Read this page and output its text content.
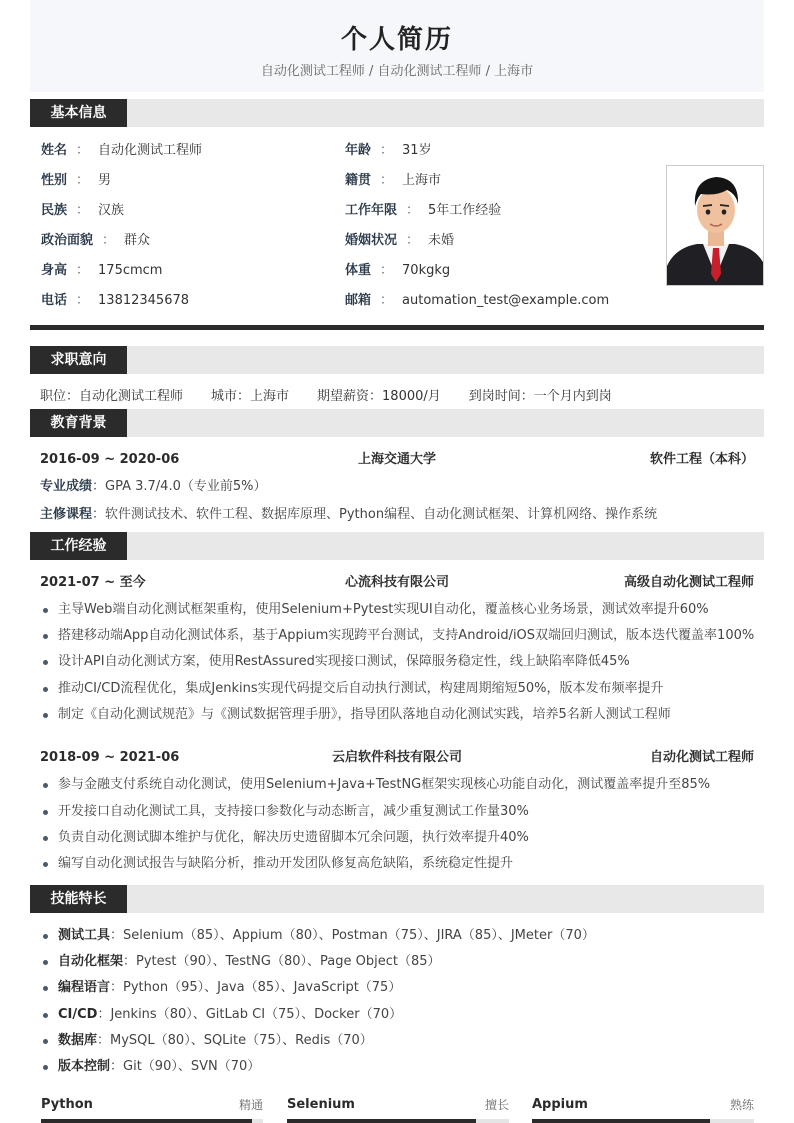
个人简历
自动化测试工程师 / 自动化测试工程师 / 上海市
基本信息
姓名 ： 自动化测试工程师
性别 ： 男
民族 ： 汉族
政治面貌 ： 群众
身高 ： 175cmcm
电话 ： 13812345678
年龄 ： 31岁
籍贯 ： 上海市
工作年限 ： 5年工作经验
婚姻状况 ： 未婚
体重 ： 70kgkg
邮箱 ： automation_test@example.com
求职意向
职位：自动化测试工程师 城市：上海市 期望薪资：18000/月 到岗时间：一个月内到岗
教育背景
2016-09 ~ 2020-06	上海交通大学	软件工程（本科）
专业成绩：GPA 3.7/4.0（专业前5%）
主修课程：软件测试技术、软件工程、数据库原理、Python编程、自动化测试框架、计算机网络、操作系统
工作经验
2021-07 ~ 至今	心流科技有限公司	高级自动化测试工程师
主导Web端自动化测试框架重构，使用Selenium+Pytest实现UI自动化，覆盖核心业务场景，测试效率提升60%
搭建移动端App自动化测试体系，基于Appium实现跨平台测试，支持Android/iOS双端回归测试，版本迭代覆盖率100%
设计API自动化测试方案，使用RestAssured实现接口测试，保障服务稳定性，线上缺陷率降低45%
推动CI/CD流程优化，集成Jenkins实现代码提交后自动执行测试，构建周期缩短50%，版本发布频率提升
制定《自动化测试规范》与《测试数据管理手册》，指导团队落地自动化测试实践，培养5名新人测试工程师
2018-09 ~ 2021-06	云启软件科技有限公司	自动化测试工程师
参与金融支付系统自动化测试，使用Selenium+Java+TestNG框架实现核心功能自动化，测试覆盖率提升至85%
开发接口自动化测试工具，支持接口参数化与动态断言，减少重复测试工作量30%
负责自动化测试脚本维护与优化，解决历史遗留脚本冗余问题，执行效率提升40%
编写自动化测试报告与缺陷分析，推动开发团队修复高危缺陷，系统稳定性提升
技能特长
测试工具：Selenium（85）、Appium（80）、Postman（75）、JIRA（85）、JMeter（70）
自动化框架：Pytest（90）、TestNG（80）、Page Object（85）
编程语言：Python（95）、Java（85）、JavaScript（75）
CI/CD：Jenkins（80）、GitLab CI（75）、Docker（70）
数据库：MySQL（80）、SQLite（75）、Redis（70）
版本控制：Git（90）、SVN（70）
Python	精通 Selenium	擅长 Appium	熟练
